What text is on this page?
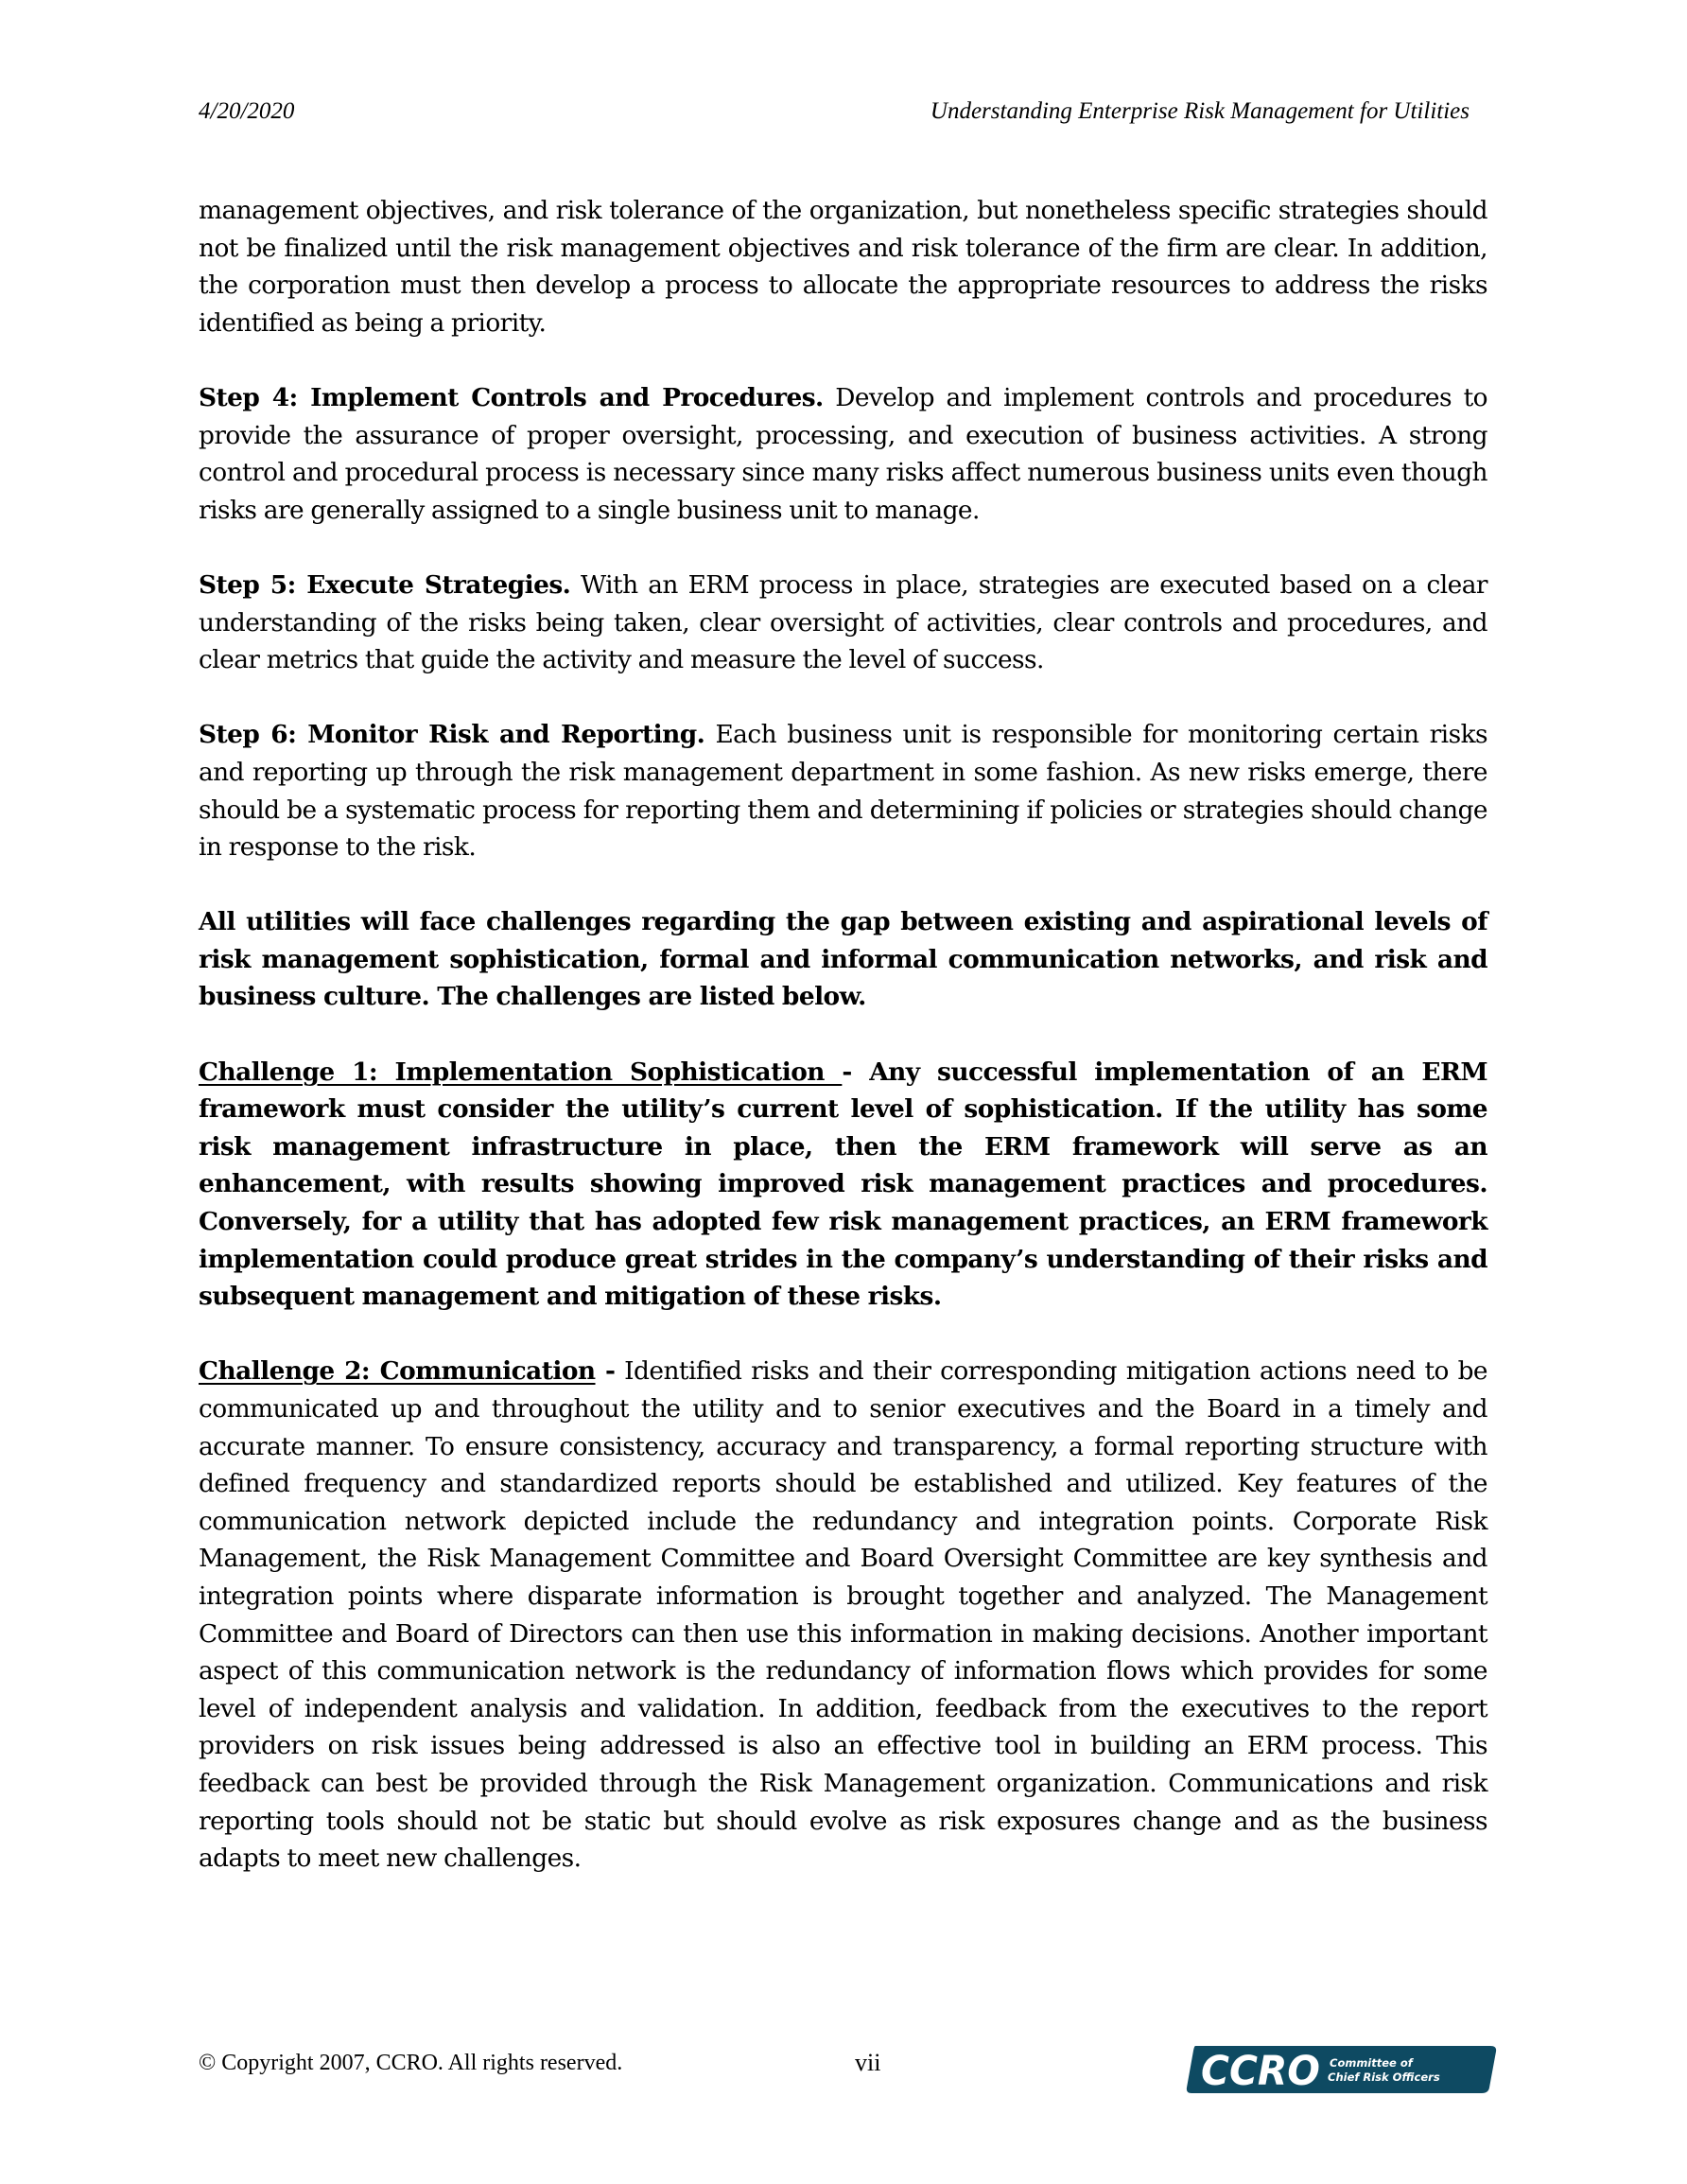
4/20/2020	Understanding Enterprise Risk Management for Utilities

management objectives, and risk tolerance of the organization, but nonetheless specific strategies should not be finalized until the risk management objectives and risk tolerance of the firm are clear. In addition, the corporation must then develop a process to allocate the appropriate resources to address the risks identified as being a priority.

Step 4: Implement Controls and Procedures. Develop and implement controls and procedures to provide the assurance of proper oversight, processing, and execution of business activities. A strong control and procedural process is necessary since many risks affect numerous business units even though risks are generally assigned to a single business unit to manage.

Step 5: Execute Strategies. With an ERM process in place, strategies are executed based on a clear understanding of the risks being taken, clear oversight of activities, clear controls and procedures, and clear metrics that guide the activity and measure the level of success.

Step 6: Monitor Risk and Reporting. Each business unit is responsible for monitoring certain risks and reporting up through the risk management department in some fashion. As new risks emerge, there should be a systematic process for reporting them and determining if policies or strategies should change in response to the risk.

All utilities will face challenges regarding the gap between existing and aspirational levels of risk management sophistication, formal and informal communication networks, and risk and business culture. The challenges are listed below.

Challenge 1: Implementation Sophistication - Any successful implementation of an ERM framework must consider the utility’s current level of sophistication. If the utility has some risk management infrastructure in place, then the ERM framework will serve as an enhancement, with results showing improved risk management practices and procedures. Conversely, for a utility that has adopted few risk management practices, an ERM framework implementation could produce great strides in the company’s understanding of their risks and subsequent management and mitigation of these risks.

Challenge 2: Communication - Identified risks and their corresponding mitigation actions need to be communicated up and throughout the utility and to senior executives and the Board in a timely and accurate manner. To ensure consistency, accuracy and transparency, a formal reporting structure with defined frequency and standardized reports should be established and utilized. Key features of the communication network depicted include the redundancy and integration points. Corporate Risk Management, the Risk Management Committee and Board Oversight Committee are key synthesis and integration points where disparate information is brought together and analyzed. The Management Committee and Board of Directors can then use this information in making decisions. Another important aspect of this communication network is the redundancy of information flows which provides for some level of independent analysis and validation. In addition, feedback from the executives to the report providers on risk issues being addressed is also an effective tool in building an ERM process. This feedback can best be provided through the Risk Management organization. Communications and risk reporting tools should not be static but should evolve as risk exposures change and as the business adapts to meet new challenges.

© Copyright 2007, CCRO. All rights reserved.	vii	CCRO Committee of
Chief Risk Officers
